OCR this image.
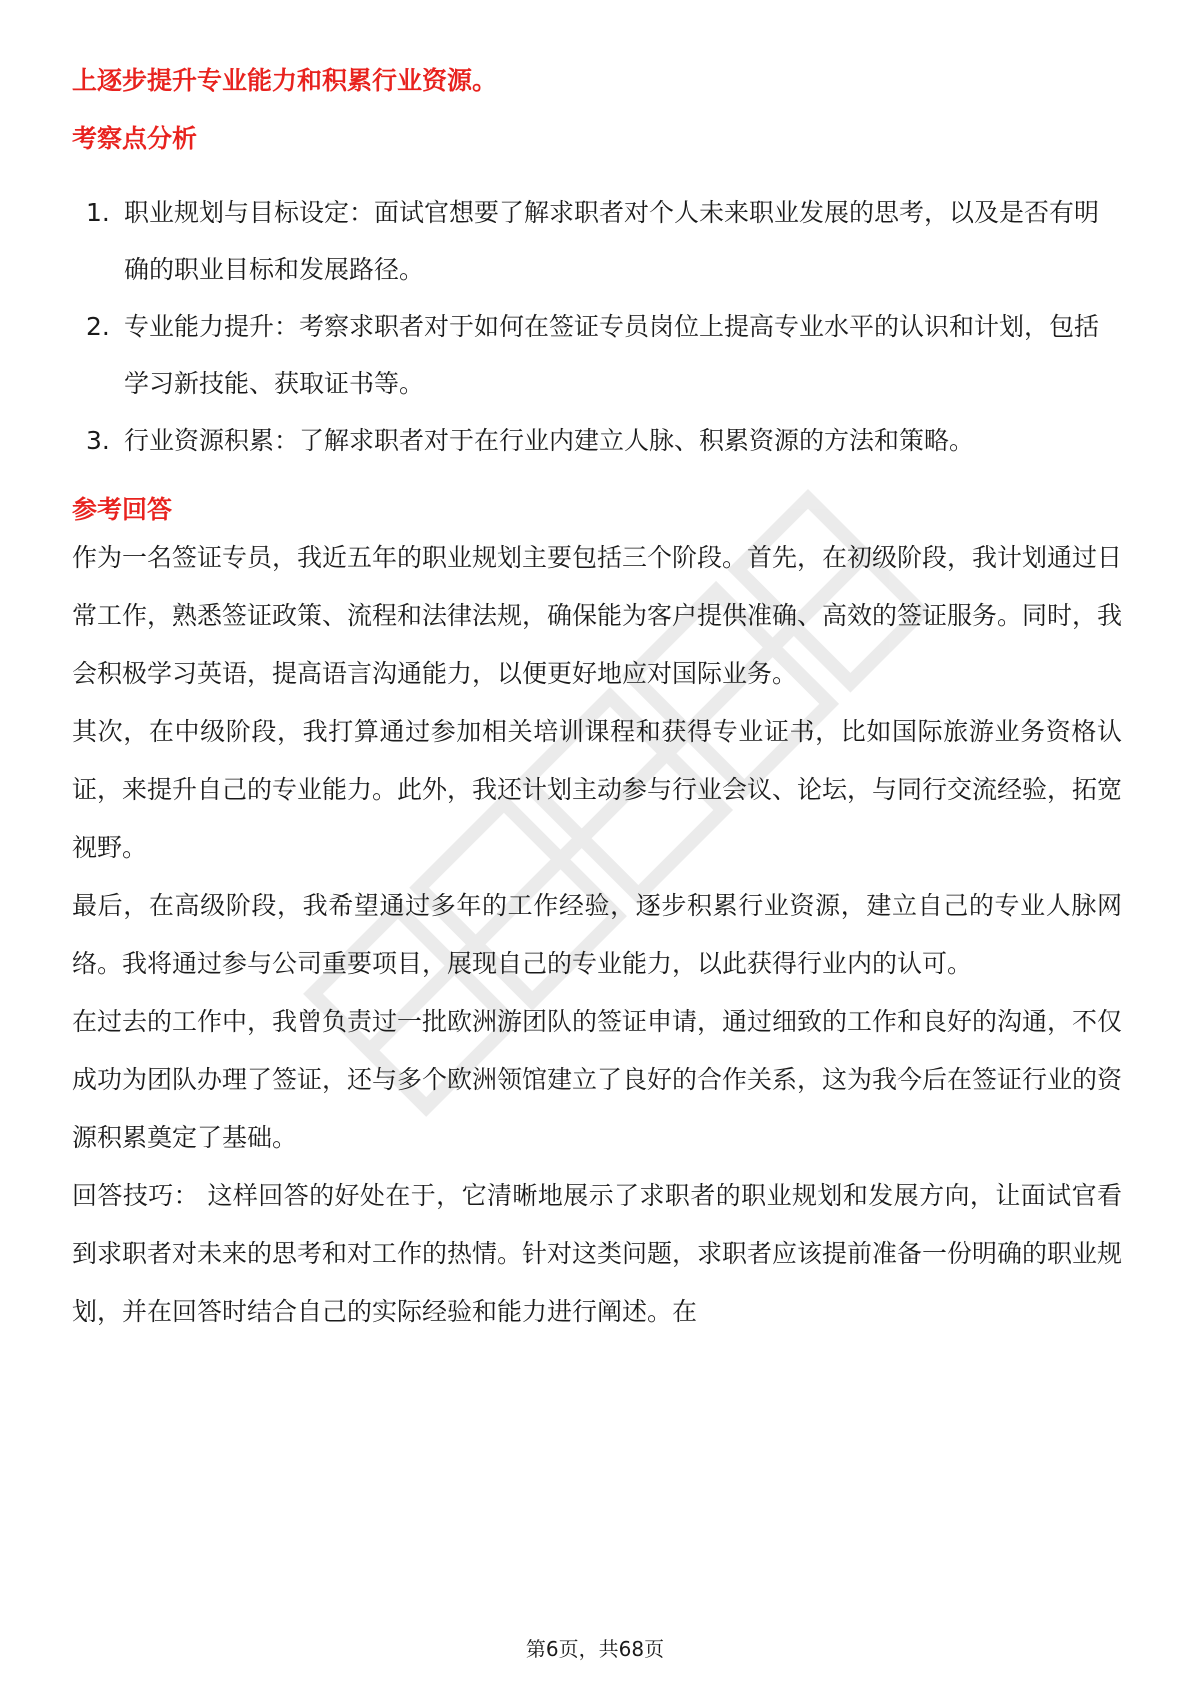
上逐步提升专业能力和积累行业资源。

考察点分析
1. 职业规划与目标设定：面试官想要了解求职者对个人未来职业发展的思考，以及是否有明确的职业目标和发展路径。
2. 专业能力提升：考察求职者对于如何在签证专员岗位上提高专业水平的认识和计划，包括学习新技能、获取证书等。
3. 行业资源积累：了解求职者对于在行业内建立人脉、积累资源的方法和策略。
参考回答

作为一名签证专员，我近五年的职业规划主要包括三个阶段。首先，在初级阶段，我计划通过日常工作，熟悉签证政策、流程和法律法规，确保能为客户提供准确、高效的签证服务。同时，我会积极学习英语，提高语言沟通能力，以便更好地应对国际业务。

其次，在中级阶段，我打算通过参加相关培训课程和获得专业证书，比如国际旅游业务资格认证，来提升自己的专业能力。此外，我还计划主动参与行业会议、论坛，与同行交流经验，拓宽视野。

最后，在高级阶段，我希望通过多年的工作经验，逐步积累行业资源，建立自己的专业人脉网络。我将通过参与公司重要项目，展现自己的专业能力，以此获得行业内的认可。

在过去的工作中，我曾负责过一批欧洲游团队的签证申请，通过细致的工作和良好的沟通，不仅成功为团队办理了签证，还与多个欧洲领馆建立了良好的合作关系，这为我今后在签证行业的资源积累奠定了基础。

回答技巧： 这样回答的好处在于，它清晰地展示了求职者的职业规划和发展方向，让面试官看到求职者对未来的思考和对工作的热情。针对这类问题，求职者应该提前准备一份明确的职业规划，并在回答时结合自己的实际经验和能力进行阐述。在

第6页，共68页
